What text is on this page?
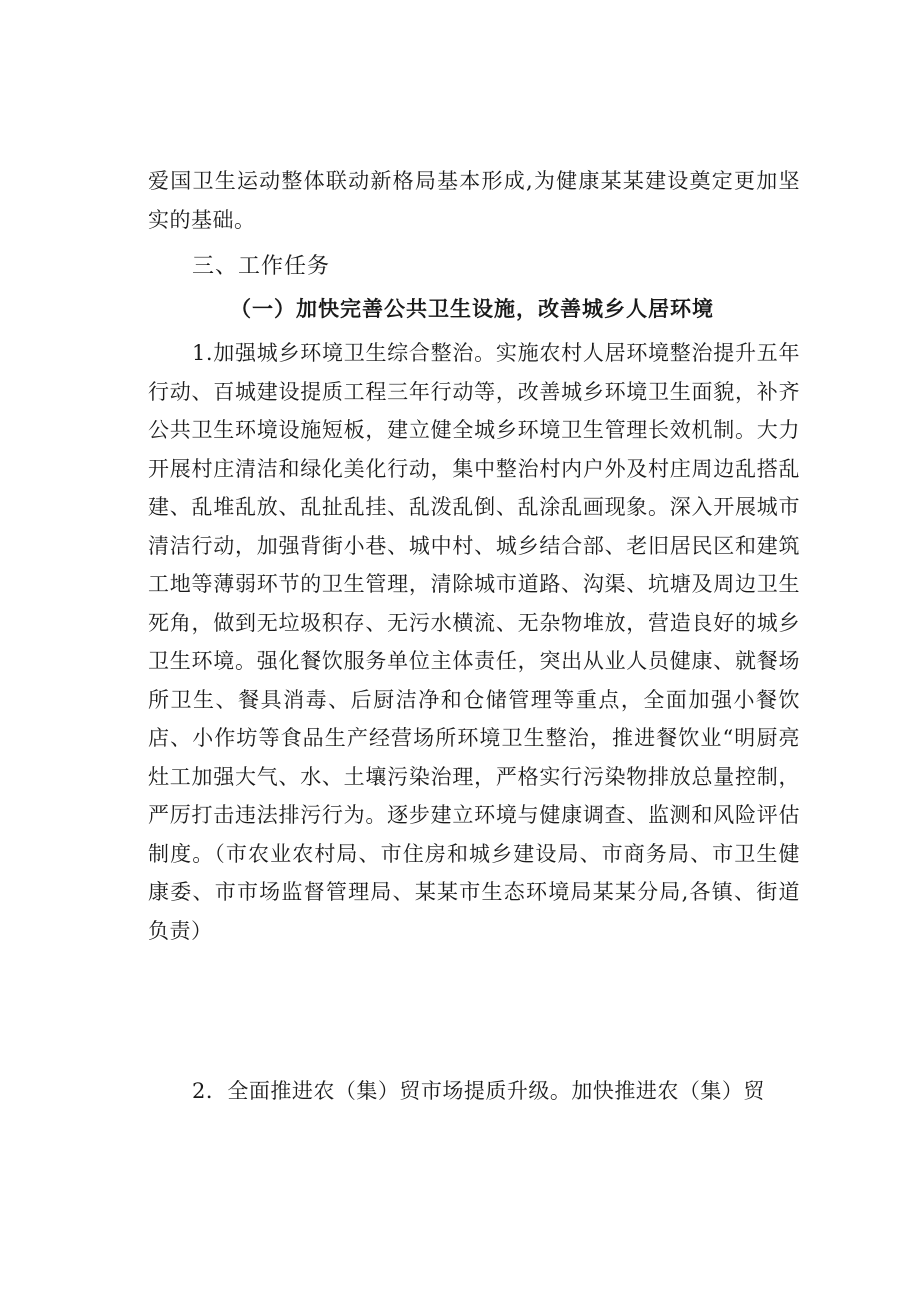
爱国卫生运动整体联动新格局基本形成,为健康某某建设奠定更加坚实的基础。

三、工作任务
（一）加快完善公共卫生设施，改善城乡人居环境

1.加强城乡环境卫生综合整治。实施农村人居环境整治提升五年行动、百城建设提质工程三年行动等，改善城乡环境卫生面貌，补齐公共卫生环境设施短板，建立健全城乡环境卫生管理长效机制。大力开展村庄清洁和绿化美化行动，集中整治村内户外及村庄周边乱搭乱建、乱堆乱放、乱扯乱挂、乱泼乱倒、乱涂乱画现象。深入开展城市清洁行动，加强背街小巷、城中村、城乡结合部、老旧居民区和建筑工地等薄弱环节的卫生管理，清除城市道路、沟渠、坑塘及周边卫生死角，做到无垃圾积存、无污水横流、无杂物堆放，营造良好的城乡卫生环境。强化餐饮服务单位主体责任，突出从业人员健康、就餐场所卫生、餐具消毒、后厨洁净和仓储管理等重点，全面加强小餐饮店、小作坊等食品生产经营场所环境卫生整治，推进餐饮业“明厨亮灶工加强大气、水、土壤污染治理，严格实行污染物排放总量控制，严厉打击违法排污行为。逐步建立环境与健康调查、监测和风险评估制度。（市农业农村局、市住房和城乡建设局、市商务局、市卫生健康委、市市场监督管理局、某某市生态环境局某某分局,各镇、街道负责）

2．全面推进农（集）贸市场提质升级。加快推进农（集）贸
